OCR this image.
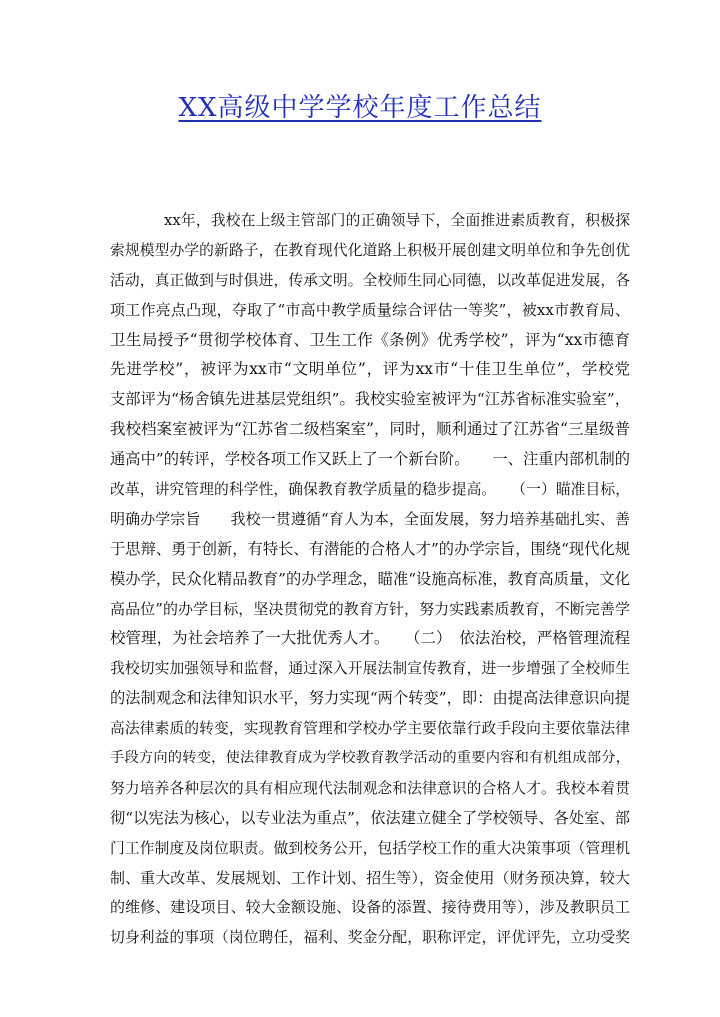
XX高级中学学校年度工作总结
xx年，我校在上级主管部门的正确领导下，全面推进素质教育，积极探
索规模型办学的新路子，在教育现代化道路上积极开展创建文明单位和争先创优
活动，真正做到与时俱进，传承文明。全校师生同心同德，以改革促进发展，各
项工作亮点凸现，夺取了“市高中教学质量综合评估一等奖”，被xx市教育局、
卫生局授予“贯彻学校体育、卫生工作《条例》优秀学校”，评为“xx市德育
先进学校”，被评为xx市“文明单位”，评为xx市“十佳卫生单位”，学校党
支部评为“杨舍镇先进基层党组织”。我校实验室被评为“江苏省标准实验室”，
我校档案室被评为“江苏省二级档案室”，同时，顺利通过了江苏省“三星级普
通高中”的转评，学校各项工作又跃上了一个新台阶。　　一、注重内部机制的
改革，讲究管理的科学性，确保教育教学质量的稳步提高。　　（一）瞄准目标，
明确办学宗旨　　我校一贯遵循“育人为本，全面发展，努力培养基础扎实、善
于思辩、勇于创新，有特长、有潜能的合格人才”的办学宗旨，围绕“现代化规
模办学，民众化精品教育”的办学理念，瞄准“设施高标准，教育高质量，文化
高品位”的办学目标，坚决贯彻党的教育方针，努力实践素质教育，不断完善学
校管理，为社会培养了一大批优秀人才。　　（二）　依法治校，严格管理流程
我校切实加强领导和监督，通过深入开展法制宣传教育，进一步增强了全校师生
的法制观念和法律知识水平，努力实现“两个转变”，即：由提高法律意识向提
高法律素质的转变，实现教育管理和学校办学主要依靠行政手段向主要依靠法律
手段方向的转变，使法律教育成为学校教育教学活动的重要内容和有机组成部分，
努力培养各种层次的具有相应现代法制观念和法律意识的合格人才。我校本着贯
彻“以宪法为核心，以专业法为重点”，依法建立健全了学校领导、各处室、部
门工作制度及岗位职责。做到校务公开，包括学校工作的重大决策事项（管理机
制、重大改革、发展规划、工作计划、招生等），资金使用（财务预决算，较大
的维修、建设项目、较大金额设施、设备的添置、接待费用等），涉及教职员工
切身利益的事项（岗位聘任，福利、奖金分配，职称评定，评优评先，立功受奖
